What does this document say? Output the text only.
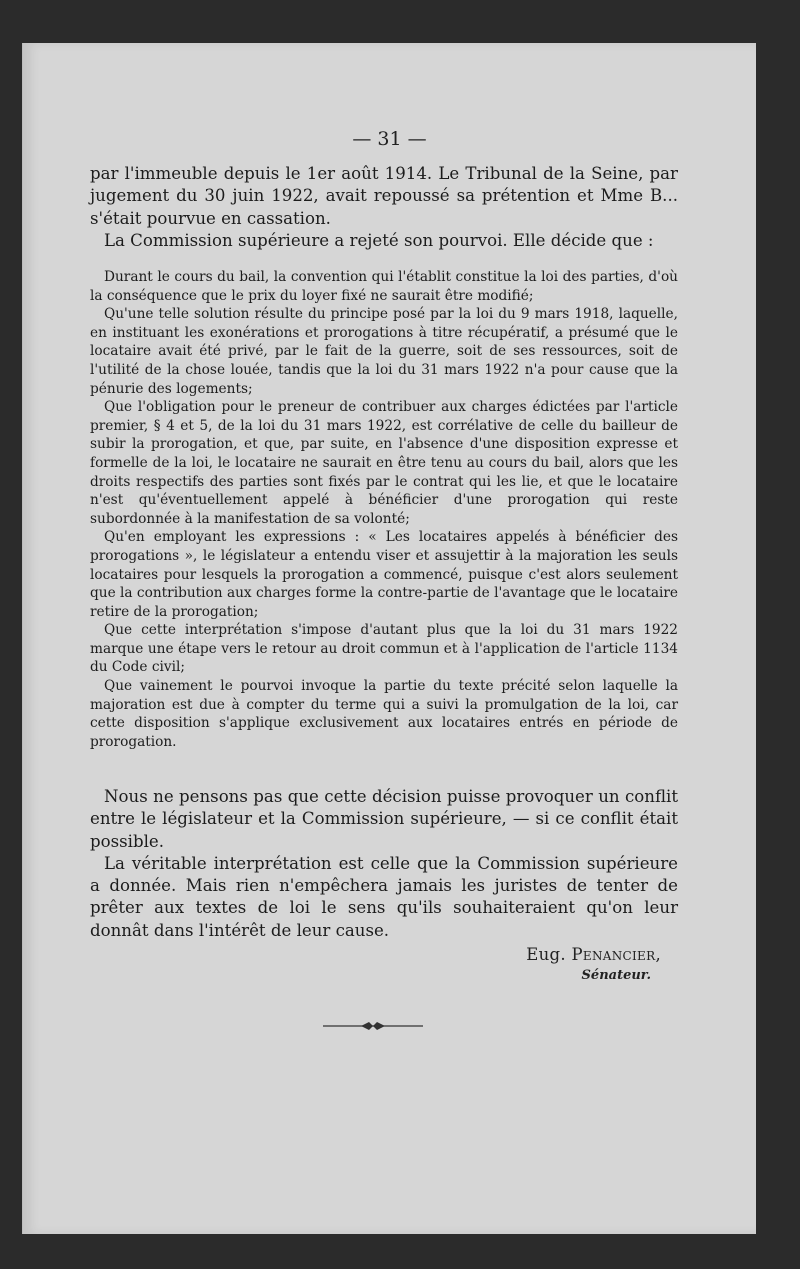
— 31 —

par l'immeuble depuis le 1er août 1914. Le Tribunal de la Seine, par jugement du 30 juin 1922, avait repoussé sa prétention et Mme B... s'était pourvue en cassation.

La Commission supérieure a rejeté son pourvoi. Elle décide que :

Durant le cours du bail, la convention qui l'établit constitue la loi des parties, d'où la conséquence que le prix du loyer fixé ne saurait être modifié;

Qu'une telle solution résulte du principe posé par la loi du 9 mars 1918, laquelle, en instituant les exonérations et prorogations à titre récupératif, a présumé que le locataire avait été privé, par le fait de la guerre, soit de ses ressources, soit de l'utilité de la chose louée, tandis que la loi du 31 mars 1922 n'a pour cause que la pénurie des logements;

Que l'obligation pour le preneur de contribuer aux charges édictées par l'article premier, § 4 et 5, de la loi du 31 mars 1922, est corrélative de celle du bailleur de subir la prorogation, et que, par suite, en l'absence d'une disposition expresse et formelle de la loi, le locataire ne saurait en être tenu au cours du bail, alors que les droits respectifs des parties sont fixés par le contrat qui les lie, et que le locataire n'est qu'éventuellement appelé à bénéficier d'une prorogation qui reste subordonnée à la manifestation de sa volonté;

Qu'en employant les expressions : « Les locataires appelés à bénéficier des prorogations », le législateur a entendu viser et assujettir à la majoration les seuls locataires pour lesquels la prorogation a commencé, puisque c'est alors seulement que la contribution aux charges forme la contre-partie de l'avantage que le locataire retire de la prorogation;

Que cette interprétation s'impose d'autant plus que la loi du 31 mars 1922 marque une étape vers le retour au droit commun et à l'application de l'article 1134 du Code civil;

Que vainement le pourvoi invoque la partie du texte précité selon laquelle la majoration est due à compter du terme qui a suivi la promulgation de la loi, car cette disposition s'applique exclusivement aux locataires entrés en période de prorogation.

Nous ne pensons pas que cette décision puisse provoquer un conflit entre le législateur et la Commission supérieure, — si ce conflit était possible.

La véritable interprétation est celle que la Commission supérieure a donnée. Mais rien n'empêchera jamais les juristes de tenter de prêter aux textes de loi le sens qu'ils souhaiteraient qu'on leur donnât dans l'intérêt de leur cause.

Eug. Penancier,
Sénateur.
